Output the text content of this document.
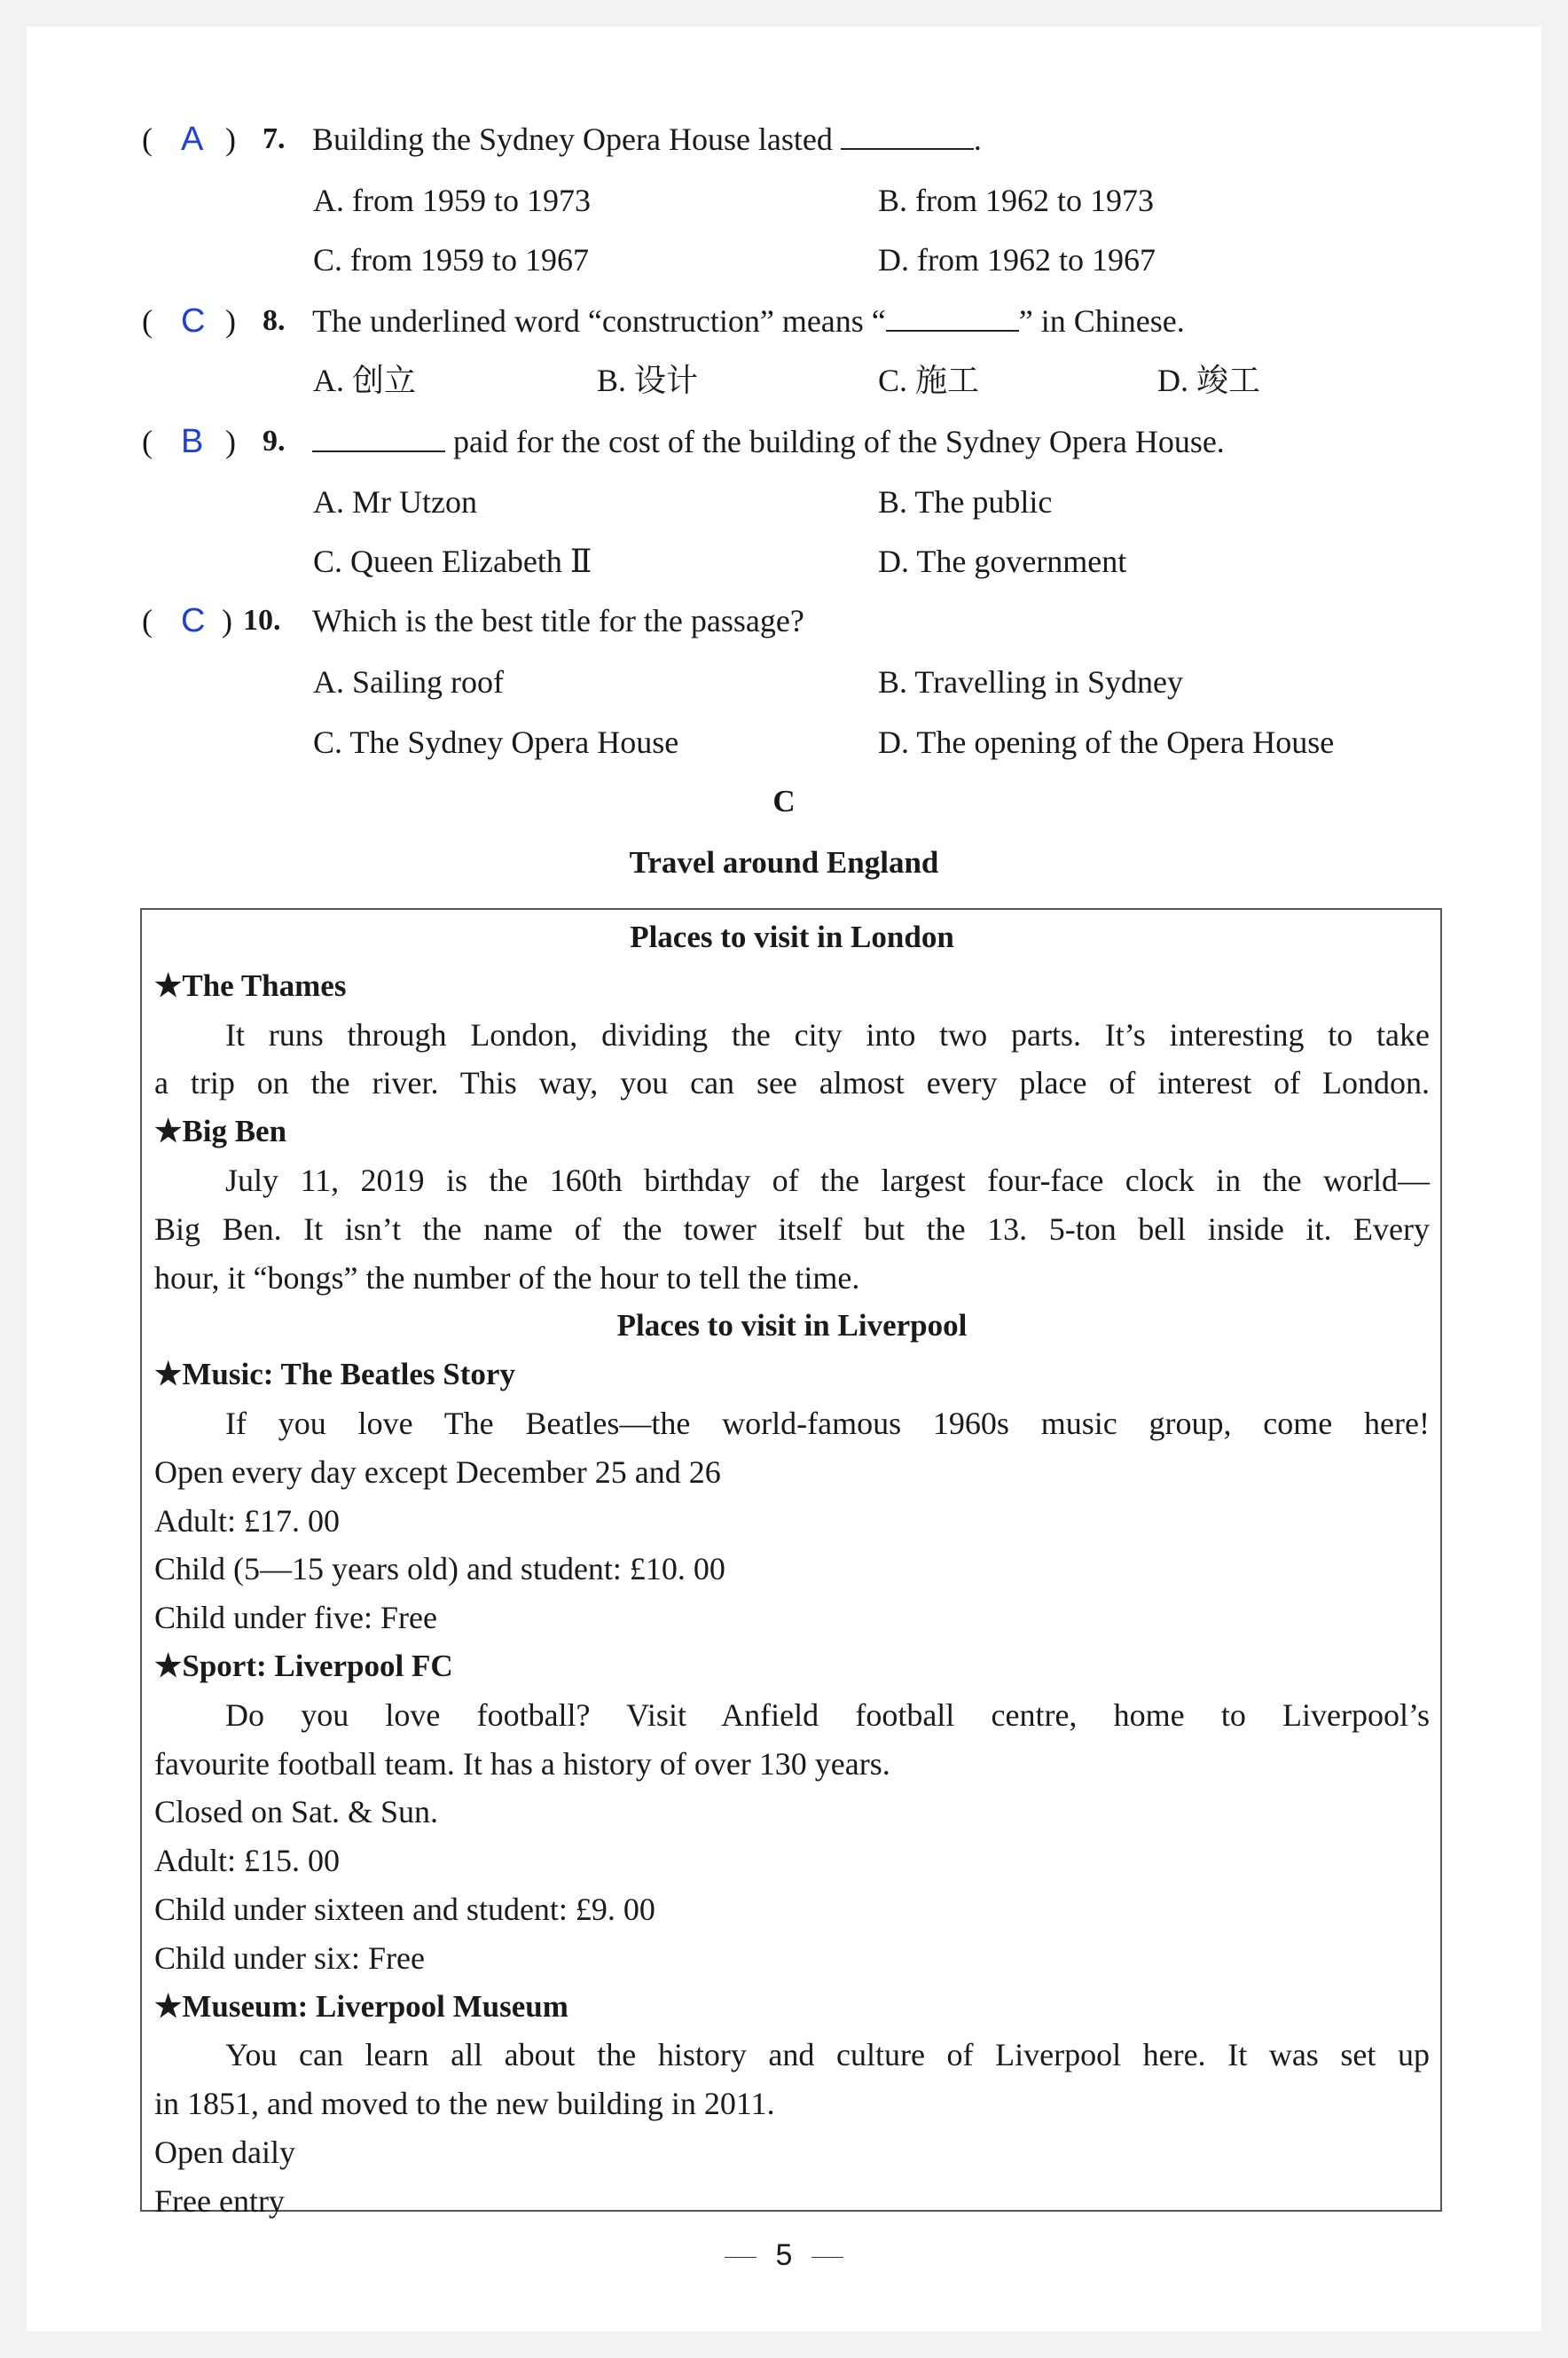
( A ) 7. Building the Sydney Opera House lasted	.
A. from 1959 to 1973	B. from 1962 to 1973
C. from 1959 to 1967	D. from 1962 to 1967
( C ) 8. The underlined word “construction” means “	” in Chinese.
A. 创立	B. 设计	C. 施工	D. 竣工
( B ) 9.	paid for the cost of the building of the Sydney Opera House.
A. Mr Utzon	B. The public
C. Queen Elizabeth Ⅱ	D. The government
( C ) 10. Which is the best title for the passage?
A. Sailing roof	B. Travelling in Sydney
C. The Sydney Opera House	D. The opening of the Opera House
C
Travel around England
Places to visit in London
★The Thames
It runs through London, dividing the city into two parts. It’s interesting to take
a trip on the river. This way, you can see almost every place of interest of London.
★Big Ben
July 11, 2019 is the 160th birthday of the largest four-face clock in the world—
Big Ben. It isn’t the name of the tower itself but the 13. 5-ton bell inside it. Every
hour, it “bongs” the number of the hour to tell the time.
Places to visit in Liverpool
★Music: The Beatles Story
If you love The Beatles—the world-famous 1960s music group, come here!
Open every day except December 25 and 26
Adult: £17. 00
Child (5—15 years old) and student: £10. 00
Child under five: Free
★Sport: Liverpool FC
Do you love football? Visit Anfield football centre, home to Liverpool’s
favourite football team. It has a history of over 130 years.
Closed on Sat. & Sun.
Adult: £15. 00
Child under sixteen and student: £9. 00
Child under six: Free
★Museum: Liverpool Museum
You can learn all about the history and culture of Liverpool here. It was set up
in 1851, and moved to the new building in 2011.
Open daily
Free entry
5
